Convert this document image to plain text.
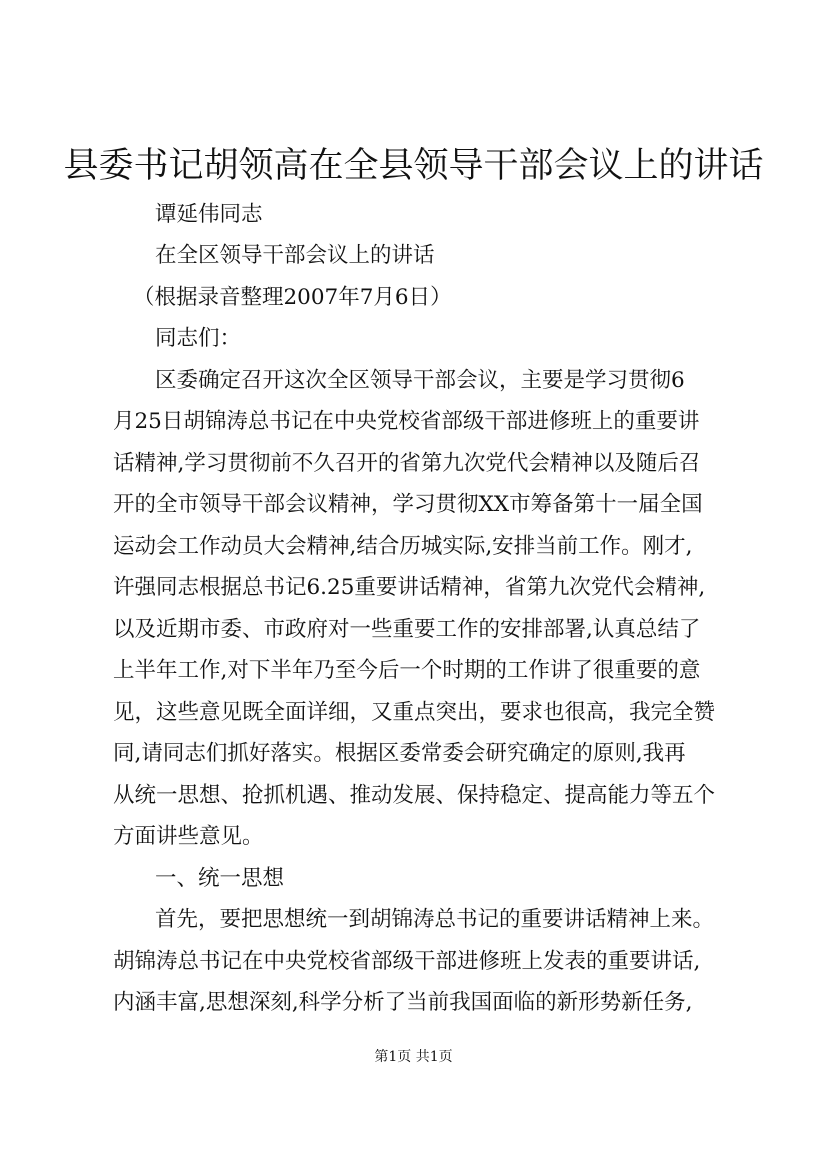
县委书记胡领高在全县领导干部会议上的讲话

谭延伟同志

在全区领导干部会议上的讲话

（根据录音整理2007年7月6日）

同志们：

区委确定召开这次全区领导干部会议，主要是学习贯彻6

月25日胡锦涛总书记在中央党校省部级干部进修班上的重要讲

话精神,学习贯彻前不久召开的省第九次党代会精神以及随后召

开的全市领导干部会议精神，学习贯彻XX市筹备第十一届全国

运动会工作动员大会精神,结合历城实际,安排当前工作。刚才,

许强同志根据总书记6.25重要讲话精神，省第九次党代会精神,

以及近期市委、市政府对一些重要工作的安排部署,认真总结了

上半年工作,对下半年乃至今后一个时期的工作讲了很重要的意

见，这些意见既全面详细，又重点突出，要求也很高，我完全赞

同,请同志们抓好落实。根据区委常委会研究确定的原则,我再

从统一思想、抢抓机遇、推动发展、保持稳定、提高能力等五个

方面讲些意见。

一、统一思想

首先，要把思想统一到胡锦涛总书记的重要讲话精神上来。

胡锦涛总书记在中央党校省部级干部进修班上发表的重要讲话,

内涵丰富,思想深刻,科学分析了当前我国面临的新形势新任务,

第1页 共1页
